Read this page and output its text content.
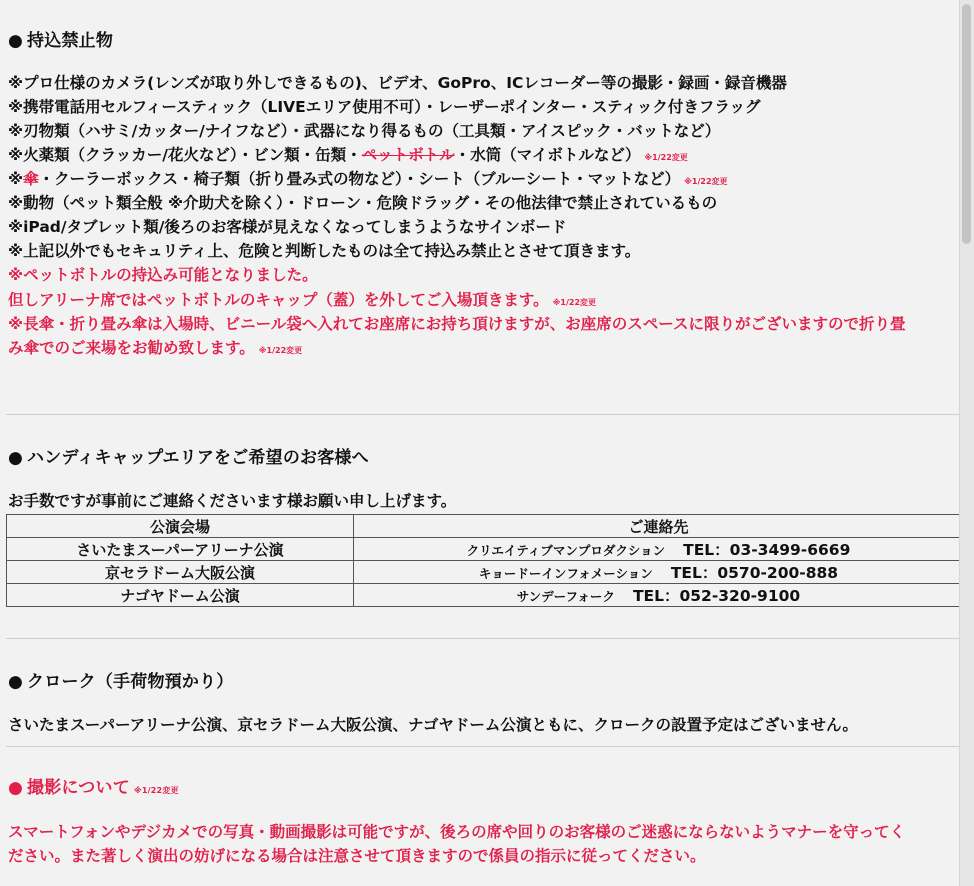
● 持込禁止物
※プロ仕様のカメラ(レンズが取り外しできるもの)、ビデオ、GoPro、ICレコーダー等の撮影・録画・録音機器
※携帯電話用セルフィースティック（LIVEエリア使用不可）・レーザーポインター・スティック付きフラッグ
※刃物類（ハサミ/カッター/ナイフなど）・武器になり得るもの（工具類・アイスピック・バットなど）
※火薬類（クラッカー/花火など）・ビン類・缶類・ペットボトル・水筒（マイボトルなど） ※1/22変更
※傘・クーラーボックス・椅子類（折り畳み式の物など）・シート（ブルーシート・マットなど） ※1/22変更
※動物（ペット類全般 ※介助犬を除く）・ドローン・危険ドラッグ・その他法律で禁止されているもの
※iPad/タブレット類/後ろのお客様が見えなくなってしまうようなサインボード
※上記以外でもセキュリティ上、危険と判断したものは全て持込み禁止とさせて頂きます。
※ペットボトルの持込み可能となりました。
但しアリーナ席ではペットボトルのキャップ（蓋）を外してご入場頂きます。 ※1/22変更
※長傘・折り畳み傘は入場時、ビニール袋へ入れてお座席にお持ち頂けますが、お座席のスペースに限りがございますので折り畳
み傘でのご来場をお勧め致します。 ※1/22変更
● ハンディキャップエリアをご希望のお客様へ
お手数ですが事前にご連絡くださいます様お願い申し上げます。
公演会場	ご連絡先
さいたまスーパーアリーナ公演	クリエイティブマンプロダクション TEL：03-3499-6669
京セラドーム大阪公演	キョードーインフォメーション TEL：0570-200-888
ナゴヤドーム公演	サンデーフォーク TEL：052-320-9100
● クローク（手荷物預かり）
さいたまスーパーアリーナ公演、京セラドーム大阪公演、ナゴヤドーム公演ともに、クロークの設置予定はございません。
● 撮影について ※1/22変更
スマートフォンやデジカメでの写真・動画撮影は可能ですが、後ろの席や回りのお客様のご迷惑にならないようマナーを守ってく
ださい。また著しく演出の妨げになる場合は注意させて頂きますので係員の指示に従ってください。
